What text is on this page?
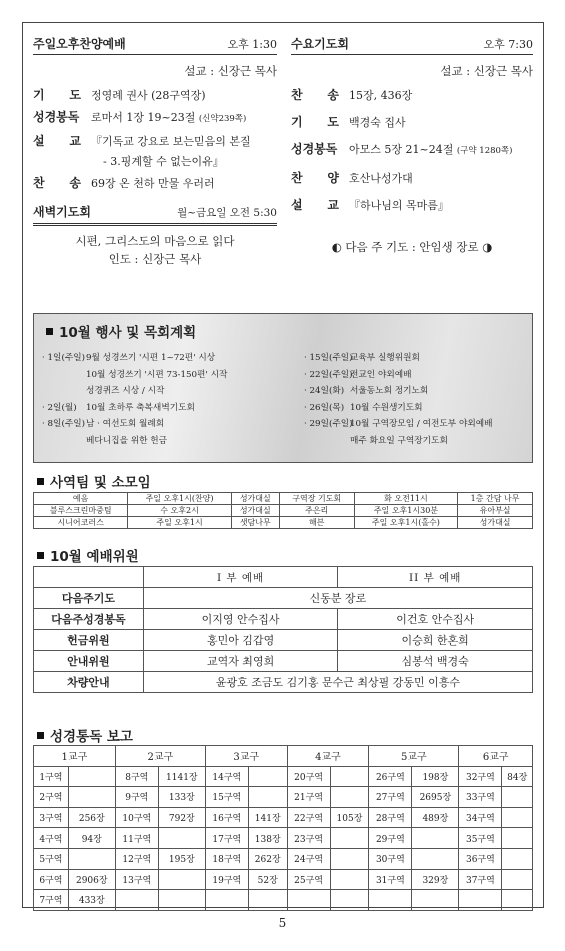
주일오후찬양예배	오후 1:30
설교 : 신장근 목사
기 도 정영례 권사 (28구역장)
성경봉독	로마서 1장 19~23절 (신약239쪽)
설 교 『기독교 강요로 보는믿음의 본질
- 3.핑계할 수 없는이유』
찬 송 69장 온 천하 만물 우러러
새벽기도회	월~금요일 오전 5:30
시편, 그리스도의 마음으로 읽다
인도 : 신장근 목사
수요기도회	오후 7:30
설교 : 신장근 목사
찬 송 15장, 436장
기 도 백경숙 집사
성경봉독	아모스 5장 21~24절 (구약 1280쪽)
찬 양 호산나성가대
설 교 『하나님의 목마름』
◐ 다음 주 기도 : 안임생 장로 ◑
10월 행사 및 목회계획
· 1일(주일) 9월 성경쓰기 '시편 1~72편' 시상
10월 성경쓰기 '시편 73-150편' 시작
성경퀴즈 시상 / 시작
· 2일(월)	10월 초하루 축복새벽기도회
· 8일(주일) 남 · 여선도회 월례회
베다니집을 위한 헌금
· 15일(주일)
교육부 실행위원회
· 22일(주일)
전교인 야외예배
· 24일(화) 서울동노회 정기노회
· 26일(목) 10월 수원생기도회
· 29일(주일)
10월 구역장모임 / 여전도부 야외예배
매주 화요일 구역장기도회
사역팀 및 소모임
예음	주일 오후1시(찬양)	성가대실	구역장 기도회	화 오전11시	1층 간담 나무
블루스크린마중팀	수 오후2시	성가대실	주은리	주일 오후1시30분	유아부실
시니어코러스	주일 오후1시	샛담나무	해븐	주일 오후1시(홀수)	성가대실
10월 예배위원
	I 부 예배	II 부 예배
다음주기도	신동분 장로	
다음주성경봉독	이지영 안수집사	이건호 안수집사
헌금위원	홍민아 김갑영	이승희 한혼희
안내위원	교역자 최영희	심봉석 백경숙
차량안내	윤광호 조금도 김기홍 문수근 최상필 강동민 이흥수	
성경통독 보고
1교구		2교구		3교구		4교구		5교구		6교구	
1구역		8구역	1141장	14구역		20구역		26구역	198장	32구역	84장
2구역		9구역	133장	15구역		21구역		27구역	2695장	33구역	
3구역	256장	10구역	792장	16구역	141장	22구역	105장	28구역	489장	34구역	
4구역	94장	11구역		17구역	138장	23구역		29구역		35구역	
5구역		12구역	195장	18구역	262장	24구역		30구역		36구역	
6구역	2906장	13구역		19구역	52장	25구역		31구역	329장	37구역	
7구역	433장										
5
